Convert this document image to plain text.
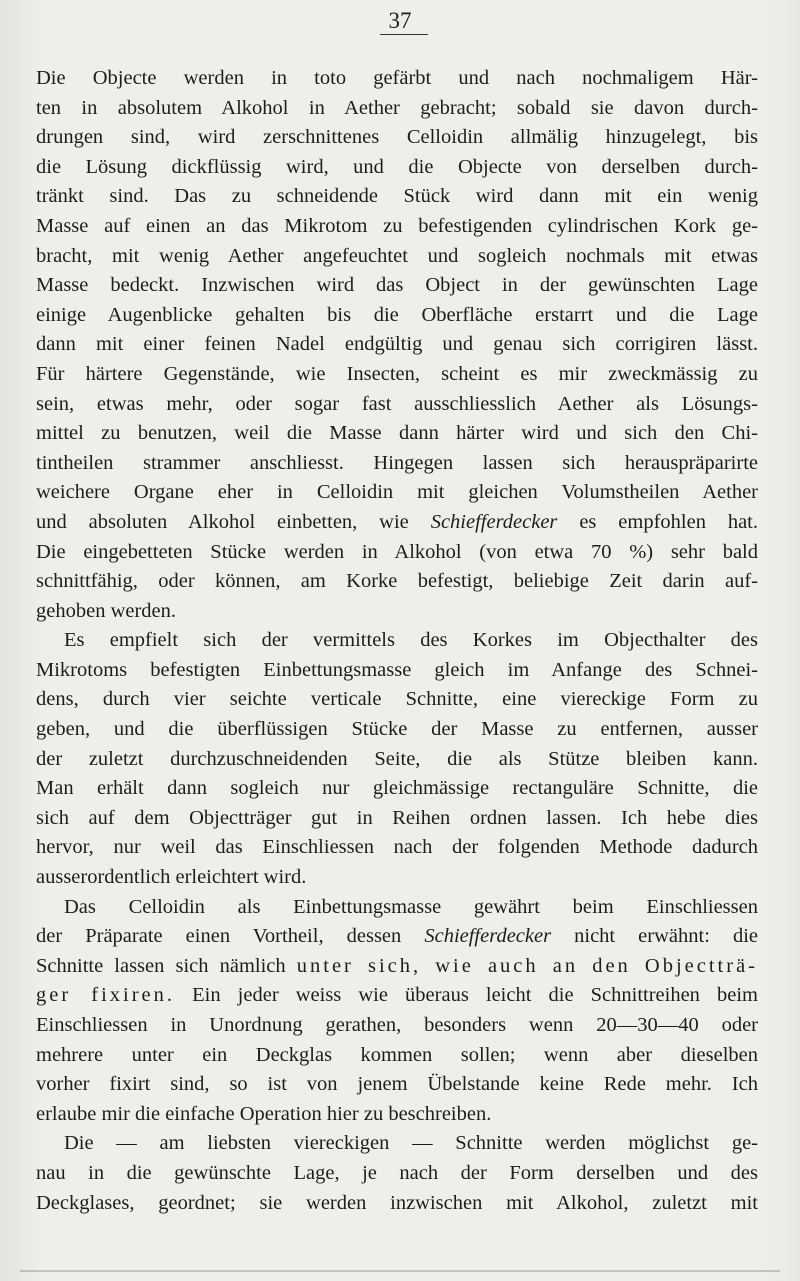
37
Die Objecte werden in toto gefärbt und nach nochmaligem Här-
ten in absolutem Alkohol in Aether gebracht; sobald sie davon durch-
drungen sind, wird zerschnittenes Celloidin allmälig hinzugelegt, bis
die Lösung dickflüssig wird, und die Objecte von derselben durch-
tränkt sind. Das zu schneidende Stück wird dann mit ein wenig
Masse auf einen an das Mikrotom zu befestigenden cylindrischen Kork ge-
bracht, mit wenig Aether angefeuchtet und sogleich nochmals mit etwas
Masse bedeckt. Inzwischen wird das Object in der gewünschten Lage
einige Augenblicke gehalten bis die Oberfläche erstarrt und die Lage
dann mit einer feinen Nadel endgültig und genau sich corrigiren lässt.
Für härtere Gegenstände, wie Insecten, scheint es mir zweckmässig zu
sein, etwas mehr, oder sogar fast ausschliesslich Aether als Lösungs-
mittel zu benutzen, weil die Masse dann härter wird und sich den Chi-
tintheilen strammer anschliesst. Hingegen lassen sich herauspräparirte
weichere Organe eher in Celloidin mit gleichen Volumstheilen Aether
und absoluten Alkohol einbetten, wie Schiefferdecker es empfohlen hat.
Die eingebetteten Stücke werden in Alkohol (von etwa 70 %) sehr bald
schnittfähig, oder können, am Korke befestigt, beliebige Zeit darin auf-
gehoben werden.
Es empfielt sich der vermittels des Korkes im Objecthalter des
Mikrotoms befestigten Einbettungsmasse gleich im Anfange des Schnei-
dens, durch vier seichte verticale Schnitte, eine viereckige Form zu
geben, und die überflüssigen Stücke der Masse zu entfernen, ausser
der zuletzt durchzuschneidenden Seite, die als Stütze bleiben kann.
Man erhält dann sogleich nur gleichmässige rectanguläre Schnitte, die
sich auf dem Objectträger gut in Reihen ordnen lassen. Ich hebe dies
hervor, nur weil das Einschliessen nach der folgenden Methode dadurch
ausserordentlich erleichtert wird.
Das Celloidin als Einbettungsmasse gewährt beim Einschliessen
der Präparate einen Vortheil, dessen Schiefferdecker nicht erwähnt: die
Schnitte lassen sich nämlich unter sich, wie auch an den Objectträ-
ger fixiren. Ein jeder weiss wie überaus leicht die Schnittreihen beim
Einschliessen in Unordnung gerathen, besonders wenn 20—30—40 oder
mehrere unter ein Deckglas kommen sollen; wenn aber dieselben
vorher fixirt sind, so ist von jenem Übelstande keine Rede mehr. Ich
erlaube mir die einfache Operation hier zu beschreiben.
Die — am liebsten viereckigen — Schnitte werden möglichst ge-
nau in die gewünschte Lage, je nach der Form derselben und des
Deckglases, geordnet; sie werden inzwischen mit Alkohol, zuletzt mit
